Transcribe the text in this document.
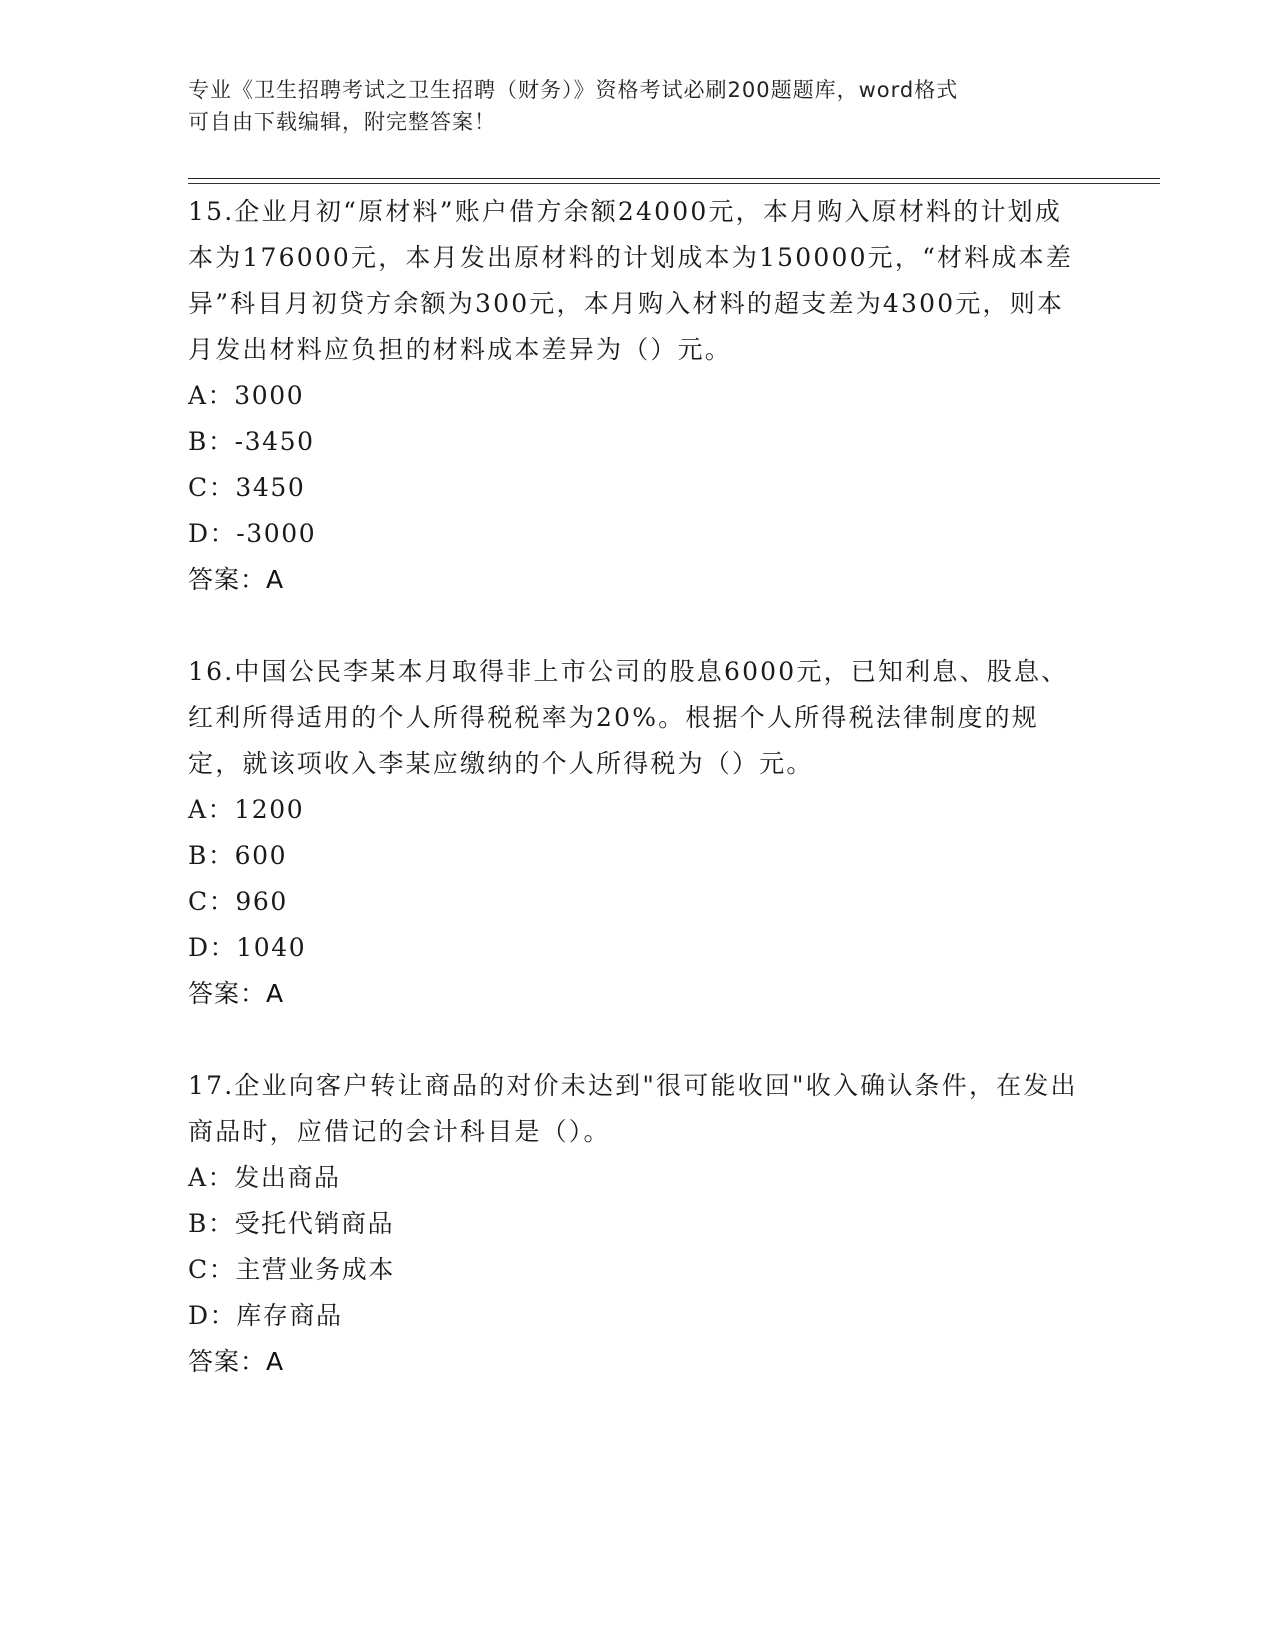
专业《卫生招聘考试之卫生招聘（财务）》资格考试必刷200题题库，word格式
可自由下载编辑，附完整答案！

15.企业月初“原材料”账户借方余额24000元，本月购入原材料的计划成本为176000元，本月发出原材料的计划成本为150000元，“材料成本差异”科目月初贷方余额为300元，本月购入材料的超支差为4300元，则本月发出材料应负担的材料成本差异为（）元。

A：3000

B：-3450

C：3450

D：-3000

答案：A

16.中国公民李某本月取得非上市公司的股息6000元，已知利息、股息、红利所得适用的个人所得税税率为20%。根据个人所得税法律制度的规定，就该项收入李某应缴纳的个人所得税为（）元。

A：1200

B：600

C：960

D：1040

答案：A

17.企业向客户转让商品的对价未达到"很可能收回"收入确认条件，在发出商品时，应借记的会计科目是（）。

A：发出商品

B：受托代销商品

C：主营业务成本

D：库存商品

答案：A
